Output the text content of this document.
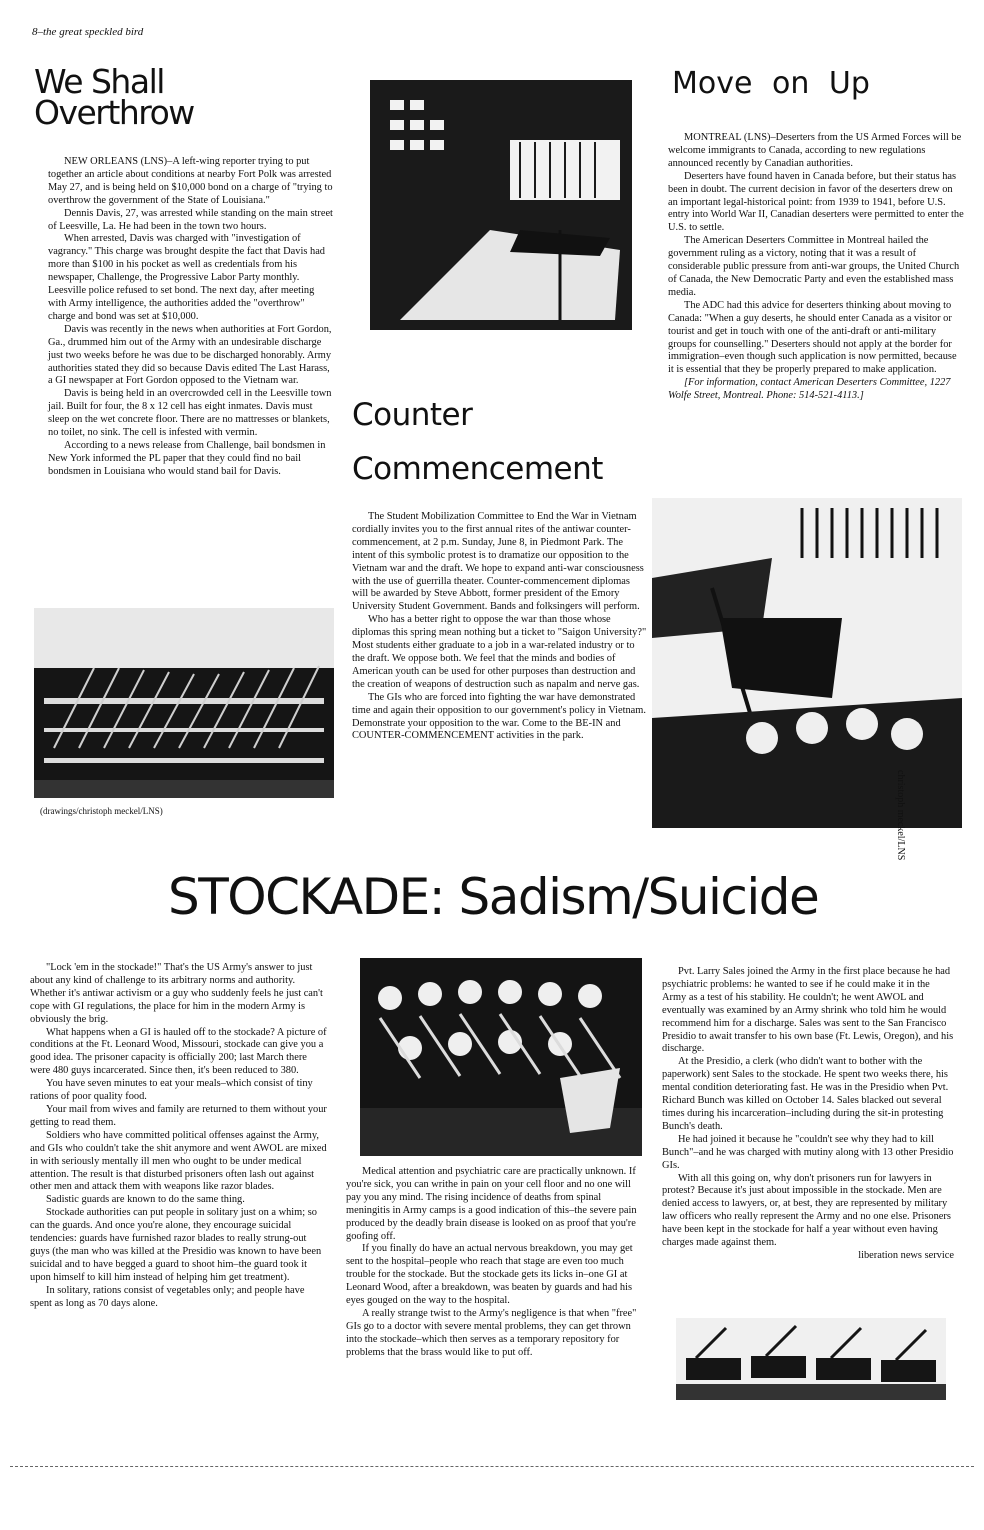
8–the great speckled bird
We Shall
Overthrow

NEW ORLEANS (LNS)–A left-wing reporter trying to put together an article about conditions at nearby Fort Polk was arrested May 27, and is being held on $10,000 bond on a charge of "trying to overthrow the government of the State of Louisiana."

Dennis Davis, 27, was arrested while standing on the main street of Leesville, La. He had been in the town two hours.

When arrested, Davis was charged with "investigation of vagrancy." This charge was brought despite the fact that Davis had more than $100 in his pocket as well as credentials from his newspaper, Challenge, the Progressive Labor Party monthly. Leesville police refused to set bond. The next day, after meeting with Army intelligence, the authorities added the "overthrow" charge and bond was set at $10,000.

Davis was recently in the news when authorities at Fort Gordon, Ga., drummed him out of the Army with an undesirable discharge just two weeks before he was due to be discharged honorably. Army authorities stated they did so because Davis edited The Last Harass, a GI newspaper at Fort Gordon opposed to the Vietnam war.

Davis is being held in an overcrowded cell in the Leesville town jail. Built for four, the 8 x 12 cell has eight inmates. Davis must sleep on the wet concrete floor. There are no mattresses or blankets, no toilet, no sink. The cell is infested with vermin.

According to a news release from Challenge, bail bondsmen in New York informed the PL paper that they could find no bail bondsmen in Louisiana who would stand bail for Davis.

(drawings/christoph meckel/LNS)
Counter
Commencement

The Student Mobilization Committee to End the War in Vietnam cordially invites you to the first annual rites of the antiwar counter-commencement, at 2 p.m. Sunday, June 8, in Piedmont Park. The intent of this symbolic protest is to dramatize our opposition to the Vietnam war and the draft. We hope to expand anti-war consciousness with the use of guerrilla theater. Counter-commencement diplomas will be awarded by Steve Abbott, former president of the Emory University Student Government. Bands and folksingers will perform.

Who has a better right to oppose the war than those whose diplomas this spring mean nothing but a ticket to "Saigon University?" Most students either graduate to a job in a war-related industry or to the draft. We oppose both. We feel that the minds and bodies of American youth can be used for other purposes than destruction and the creation of weapons of destruction such as napalm and nerve gas.

The GIs who are forced into fighting the war have demonstrated time and again their opposition to our government's policy in Vietnam. Demonstrate your opposition to the war. Come to the BE-IN and COUNTER-COMMENCEMENT activities in the park.

Move on Up

MONTREAL (LNS)–Deserters from the US Armed Forces will be welcome immigrants to Canada, according to new regulations announced recently by Canadian authorities.

Deserters have found haven in Canada before, but their status has been in doubt. The current decision in favor of the deserters drew on an important legal-historical point: from 1939 to 1941, before U.S. entry into World War II, Canadian deserters were permitted to enter the U.S. to settle.

The American Deserters Committee in Montreal hailed the government ruling as a victory, noting that it was a result of considerable public pressure from anti-war groups, the United Church of Canada, the New Democratic Party and even the established mass media.

The ADC had this advice for deserters thinking about moving to Canada: "When a guy deserts, he should enter Canada as a visitor or tourist and get in touch with one of the anti-draft or anti-military groups for counselling." Deserters should not apply at the border for immigration–even though such application is now permitted, because it is essential that they be properly prepared to make application.

[For information, contact American Deserters Committee, 1227 Wolfe Street, Montreal. Phone: 514-521-4113.]

christoph meckel/LNS
STOCKADE: Sadism/Suicide

"Lock 'em in the stockade!" That's the US Army's answer to just about any kind of challenge to its arbitrary norms and authority. Whether it's antiwar activism or a guy who suddenly feels he just can't cope with GI regulations, the place for him in the modern Army is obviously the brig.

What happens when a GI is hauled off to the stockade? A picture of conditions at the Ft. Leonard Wood, Missouri, stockade can give you a good idea. The prisoner capacity is officially 200; last March there were 480 guys incarcerated. Since then, it's been reduced to 380.

You have seven minutes to eat your meals–which consist of tiny rations of poor quality food.

Your mail from wives and family are returned to them without your getting to read them.

Soldiers who have committed political offenses against the Army, and GIs who couldn't take the shit anymore and went AWOL are mixed in with seriously mentally ill men who ought to be under medical attention. The result is that disturbed prisoners often lash out against other men and attack them with weapons like razor blades.

Sadistic guards are known to do the same thing.

Stockade authorities can put people in solitary just on a whim; so can the guards. And once you're alone, they encourage suicidal tendencies: guards have furnished razor blades to really strung-out guys (the man who was killed at the Presidio was known to have been suicidal and to have begged a guard to shoot him–the guard took it upon himself to kill him instead of helping him get treatment).

In solitary, rations consist of vegetables only; and people have spent as long as 70 days alone.

Medical attention and psychiatric care are practically unknown. If you're sick, you can writhe in pain on your cell floor and no one will pay you any mind. The rising incidence of deaths from spinal meningitis in Army camps is a good indication of this–the severe pain produced by the deadly brain disease is looked on as proof that you're goofing off.

If you finally do have an actual nervous breakdown, you may get sent to the hospital–people who reach that stage are even too much trouble for the stockade. But the stockade gets its licks in–one GI at Leonard Wood, after a breakdown, was beaten by guards and had his eyes gouged on the way to the hospital.

A really strange twist to the Army's negligence is that when "free" GIs go to a doctor with severe mental problems, they can get thrown into the stockade–which then serves as a temporary repository for problems that the brass would like to put off.

Pvt. Larry Sales joined the Army in the first place because he had psychiatric problems: he wanted to see if he could make it in the Army as a test of his stability. He couldn't; he went AWOL and eventually was examined by an Army shrink who told him he would recommend him for a discharge. Sales was sent to the San Francisco Presidio to await transfer to his own base (Ft. Lewis, Oregon), and his discharge.

At the Presidio, a clerk (who didn't want to bother with the paperwork) sent Sales to the stockade. He spent two weeks there, his mental condition deteriorating fast. He was in the Presidio when Pvt. Richard Bunch was killed on October 14. Sales blacked out several times during his incarceration–including during the sit-in protesting Bunch's death.

He had joined it because he "couldn't see why they had to kill Bunch"–and he was charged with mutiny along with 13 other Presidio GIs.

With all this going on, why don't prisoners run for lawyers in protest? Because it's just about impossible in the stockade. Men are denied access to lawyers, or, at best, they are represented by military law officers who really represent the Army and no one else. Prisoners have been kept in the stockade for half a year without even having charges made against them.

liberation news service
